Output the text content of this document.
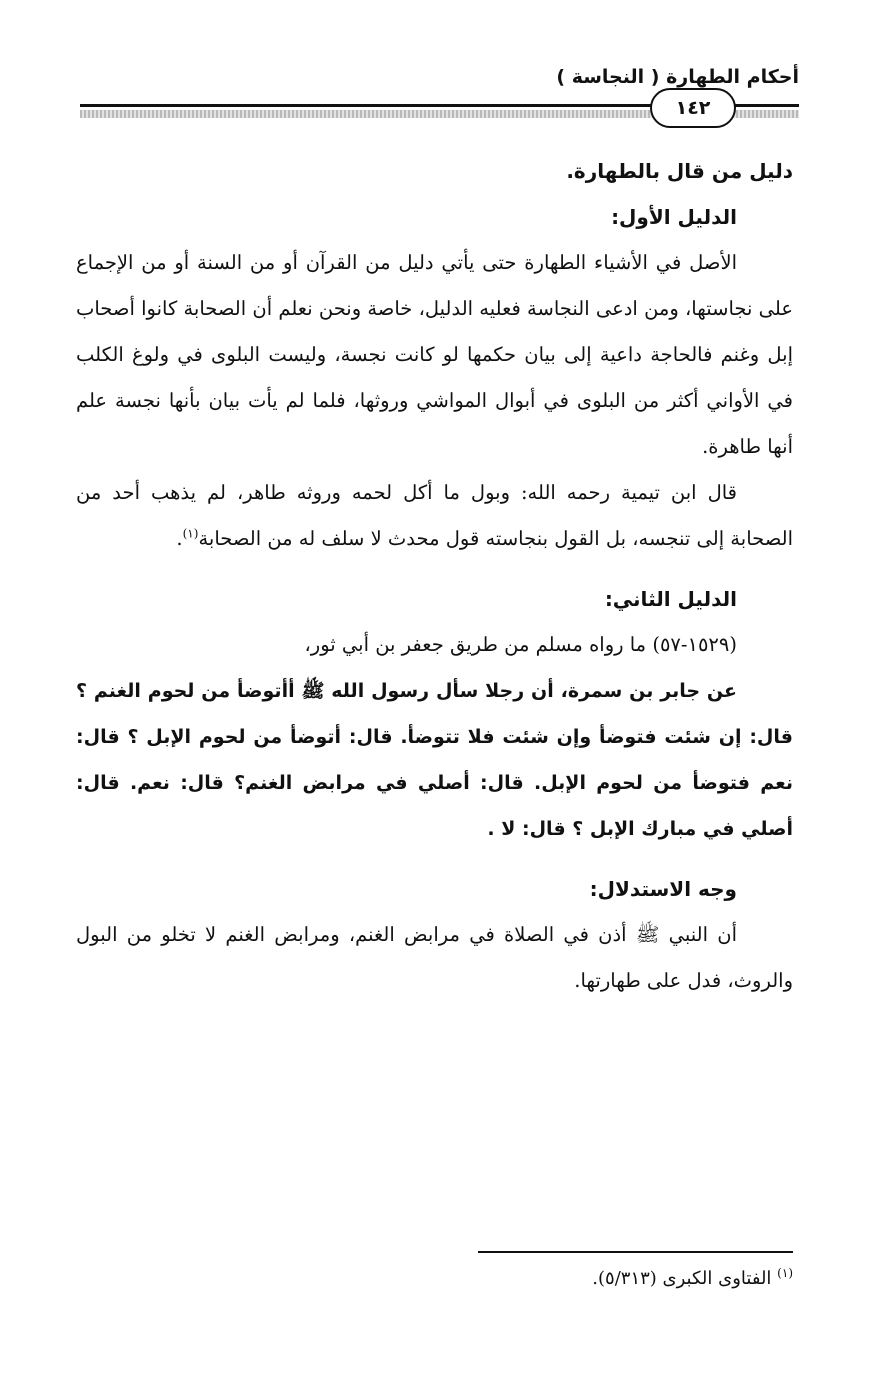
أحكام الطهارة ( النجاسة )
١٤٢

دليل من قال بالطهارة.

الدليل الأول:

الأصل في الأشياء الطهارة حتى يأتي دليل من القرآن أو من السنة أو من الإجماع على نجاستها، ومن ادعى النجاسة فعليه الدليل، خاصة ونحن نعلم أن الصحابة كانوا أصحاب إبل وغنم فالحاجة داعية إلى بيان حكمها لو كانت نجسة، وليست البلوى في ولوغ الكلب في الأواني أكثر من البلوى في أبوال المواشي وروثها، فلما لم يأت بيان بأنها نجسة علم أنها طاهرة.

قال ابن تيمية رحمه الله: وبول ما أكل لحمه وروثه طاهر، لم يذهب أحد من الصحابة إلى تنجسه، بل القول بنجاسته قول محدث لا سلف له من الصحابة$^{(١)}$.

الدليل الثاني:

(١٥٢٩-٥٧) ما رواه مسلم من طريق جعفر بن أبي ثور،

عن جابر بن سمرة، أن رجلا سأل رسول الله ﷺ أأتوضأ من لحوم الغنم ؟ قال: إن شئت فتوضأ وإن شئت فلا تتوضأ. قال: أتوضأ من لحوم الإبل ؟ قال: نعم فتوضأ من لحوم الإبل. قال: أصلي في مرابض الغنم؟ قال: نعم. قال: أصلي في مبارك الإبل ؟ قال: لا .

وجه الاستدلال:

أن النبي ﷺ أذن في الصلاة في مرابض الغنم، ومرابض الغنم لا تخلو من البول والروث، فدل على طهارتها.

$^{(١)}$ الفتاوى الكبرى (٥/٣١٣).
